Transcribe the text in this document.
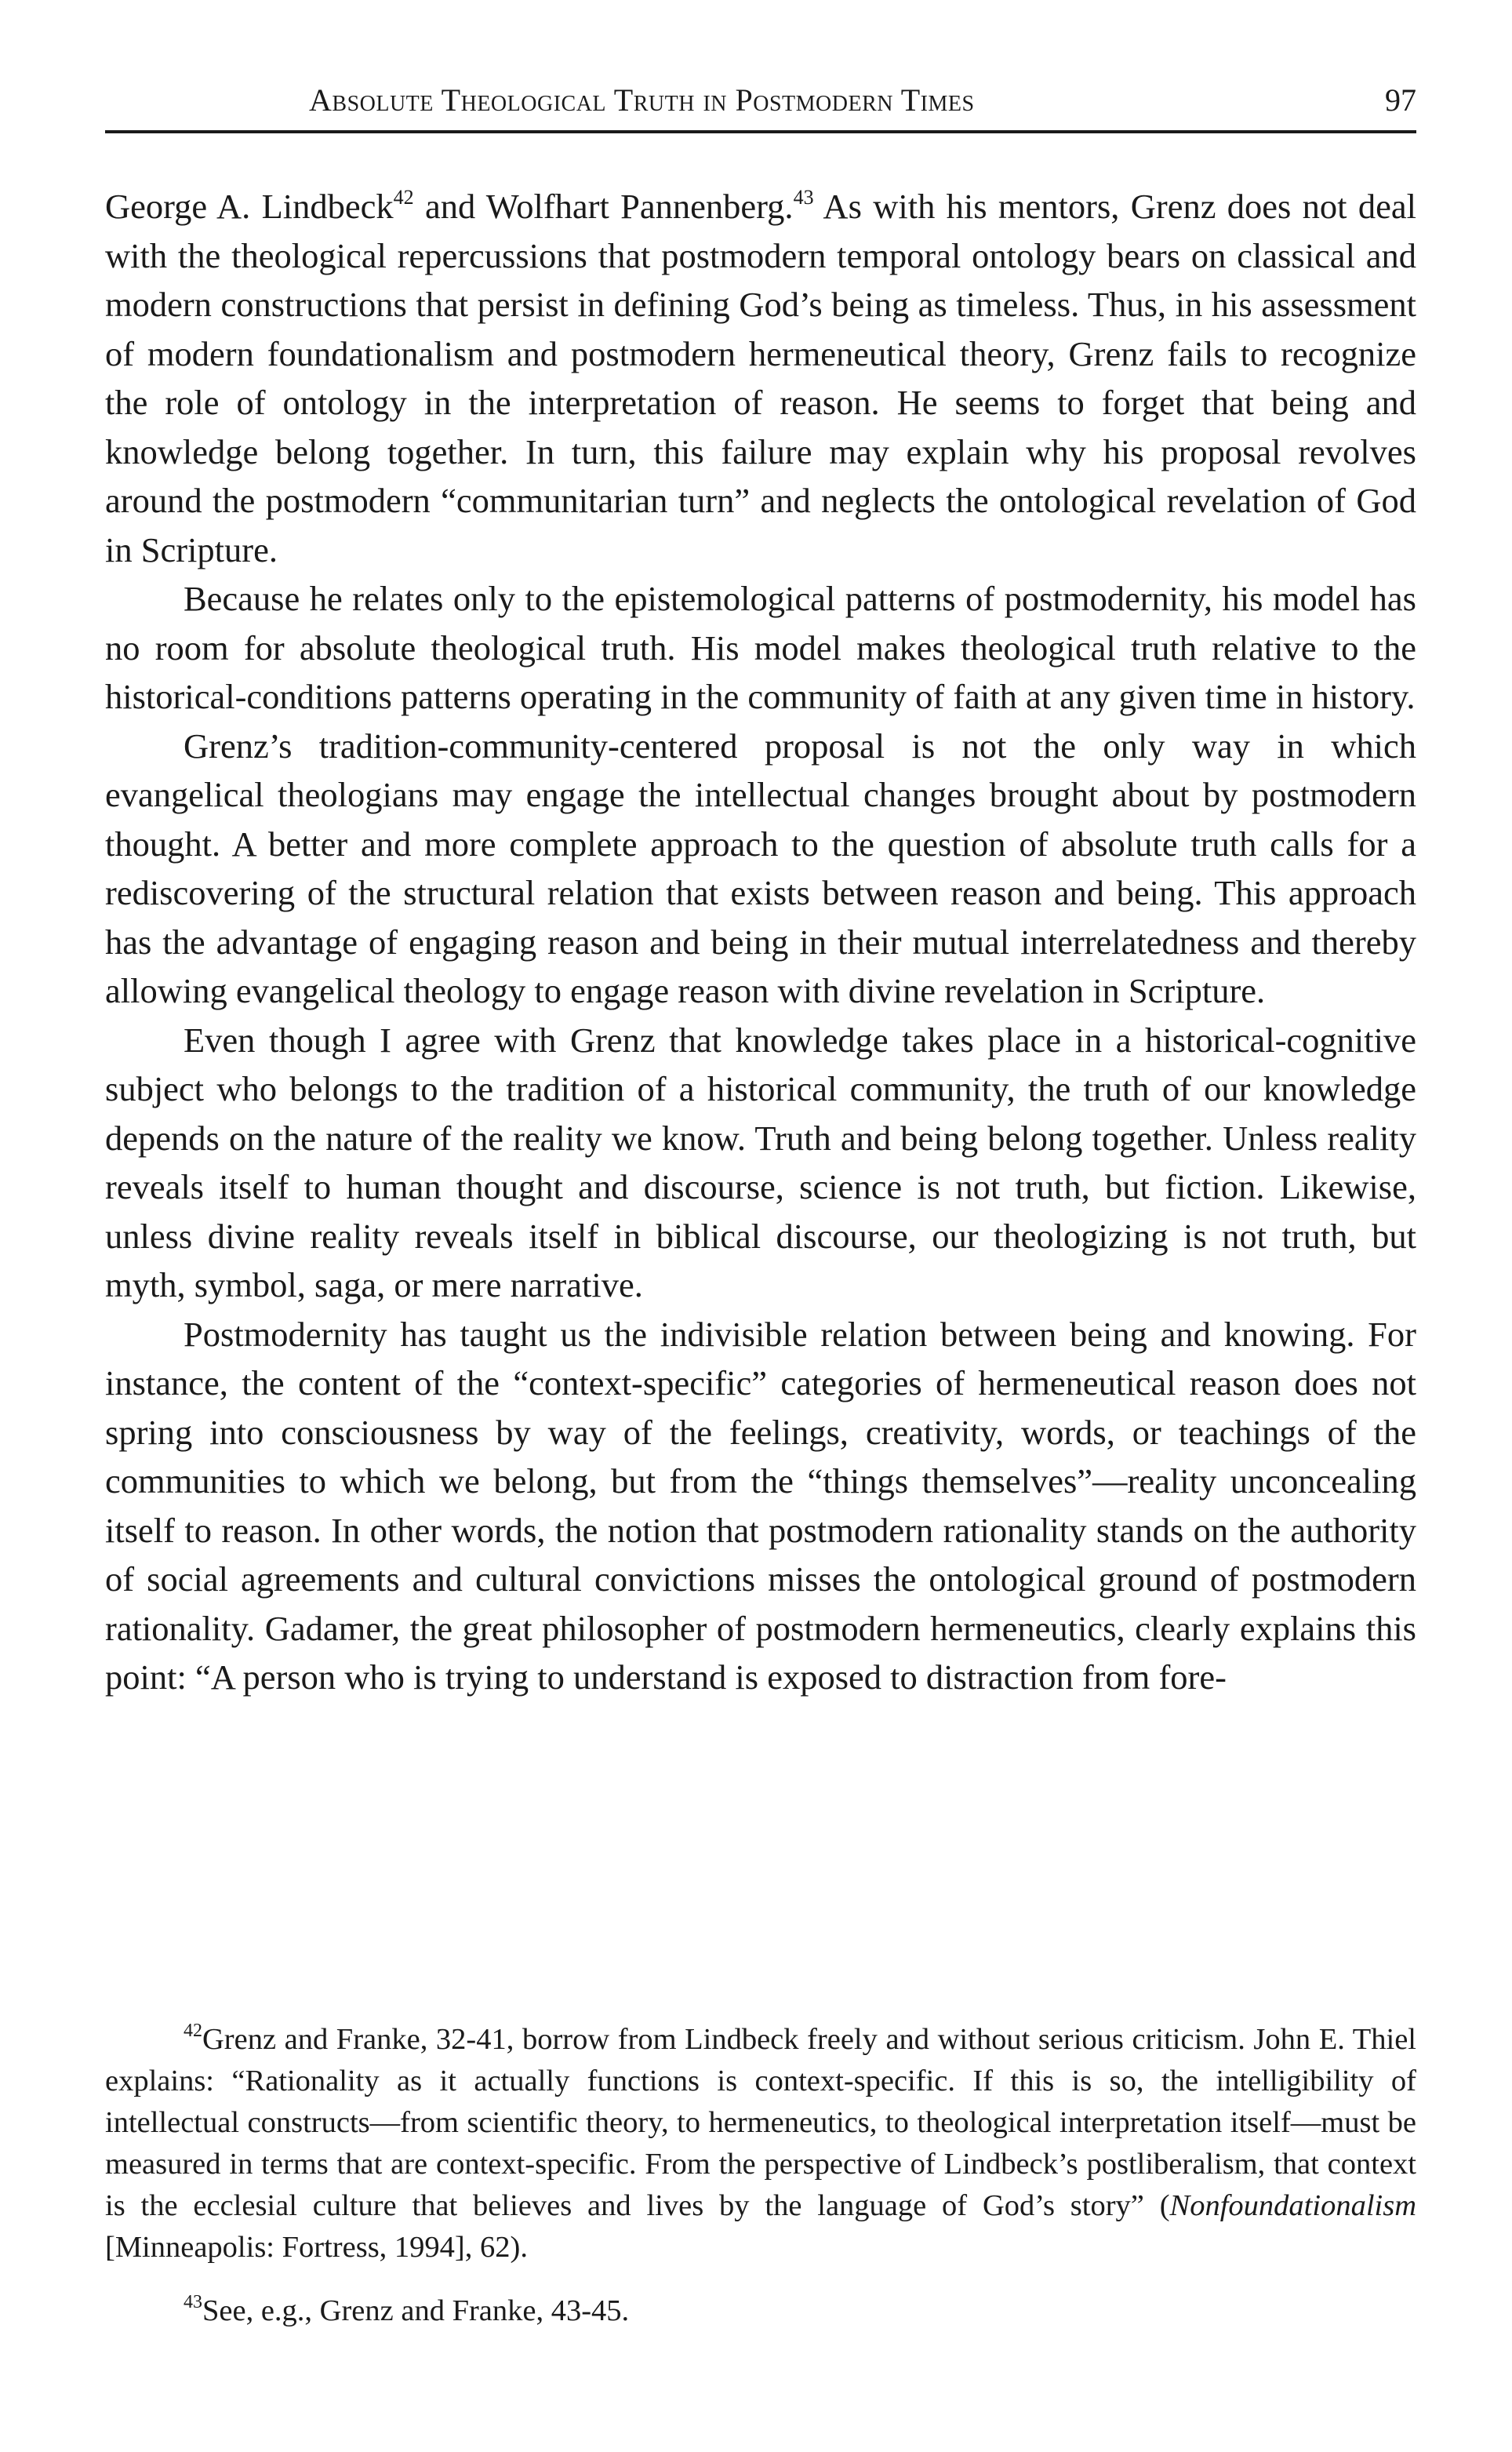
Absolute Theological Truth in Postmodern Times	97

George A. Lindbeck$^{42}$ and Wolfhart Pannenberg.$^{43}$ As with his mentors, Grenz does not deal with the theological repercussions that postmodern temporal ontology bears on classical and modern constructions that persist in defining God’s being as timeless. Thus, in his assessment of modern foundationalism and postmodern hermeneutical theory, Grenz fails to recognize the role of ontology in the interpretation of reason. He seems to forget that being and knowledge belong together. In turn, this failure may explain why his proposal revolves around the postmodern “communitarian turn” and neglects the ontological revelation of God in Scripture.

Because he relates only to the epistemological patterns of postmodernity, his model has no room for absolute theological truth. His model makes theological truth relative to the historical-conditions patterns operating in the community of faith at any given time in history.

Grenz’s tradition-community-centered proposal is not the only way in which evangelical theologians may engage the intellectual changes brought about by postmodern thought. A better and more complete approach to the question of absolute truth calls for a rediscovering of the structural relation that exists between reason and being. This approach has the advantage of engaging reason and being in their mutual interrelatedness and thereby allowing evangelical theology to engage reason with divine revelation in Scripture.

Even though I agree with Grenz that knowledge takes place in a historical-cognitive subject who belongs to the tradition of a historical community, the truth of our knowledge depends on the nature of the reality we know. Truth and being belong together. Unless reality reveals itself to human thought and discourse, science is not truth, but fiction. Likewise, unless divine reality reveals itself in biblical discourse, our theologizing is not truth, but myth, symbol, saga, or mere narrative.

Postmodernity has taught us the indivisible relation between being and knowing. For instance, the content of the “context-specific” categories of hermeneutical reason does not spring into consciousness by way of the feelings, creativity, words, or teachings of the communities to which we belong, but from the “things themselves”—reality unconcealing itself to reason. In other words, the notion that postmodern rationality stands on the authority of social agreements and cultural convictions misses the ontological ground of postmodern rationality. Gadamer, the great philosopher of postmodern hermeneutics, clearly explains this point: “A person who is trying to understand is exposed to distraction from fore-

$^{42}$Grenz and Franke, 32-41, borrow from Lindbeck freely and without serious criticism. John E. Thiel explains: “Rationality as it actually functions is context-specific. If this is so, the intelligibility of intellectual constructs—from scientific theory, to hermeneutics, to theological interpretation itself—must be measured in terms that are context-specific. From the perspective of Lindbeck’s postliberalism, that context is the ecclesial culture that believes and lives by the language of God’s story” (Nonfoundationalism [Minneapolis: Fortress, 1994], 62).

$^{43}$See, e.g., Grenz and Franke, 43-45.
